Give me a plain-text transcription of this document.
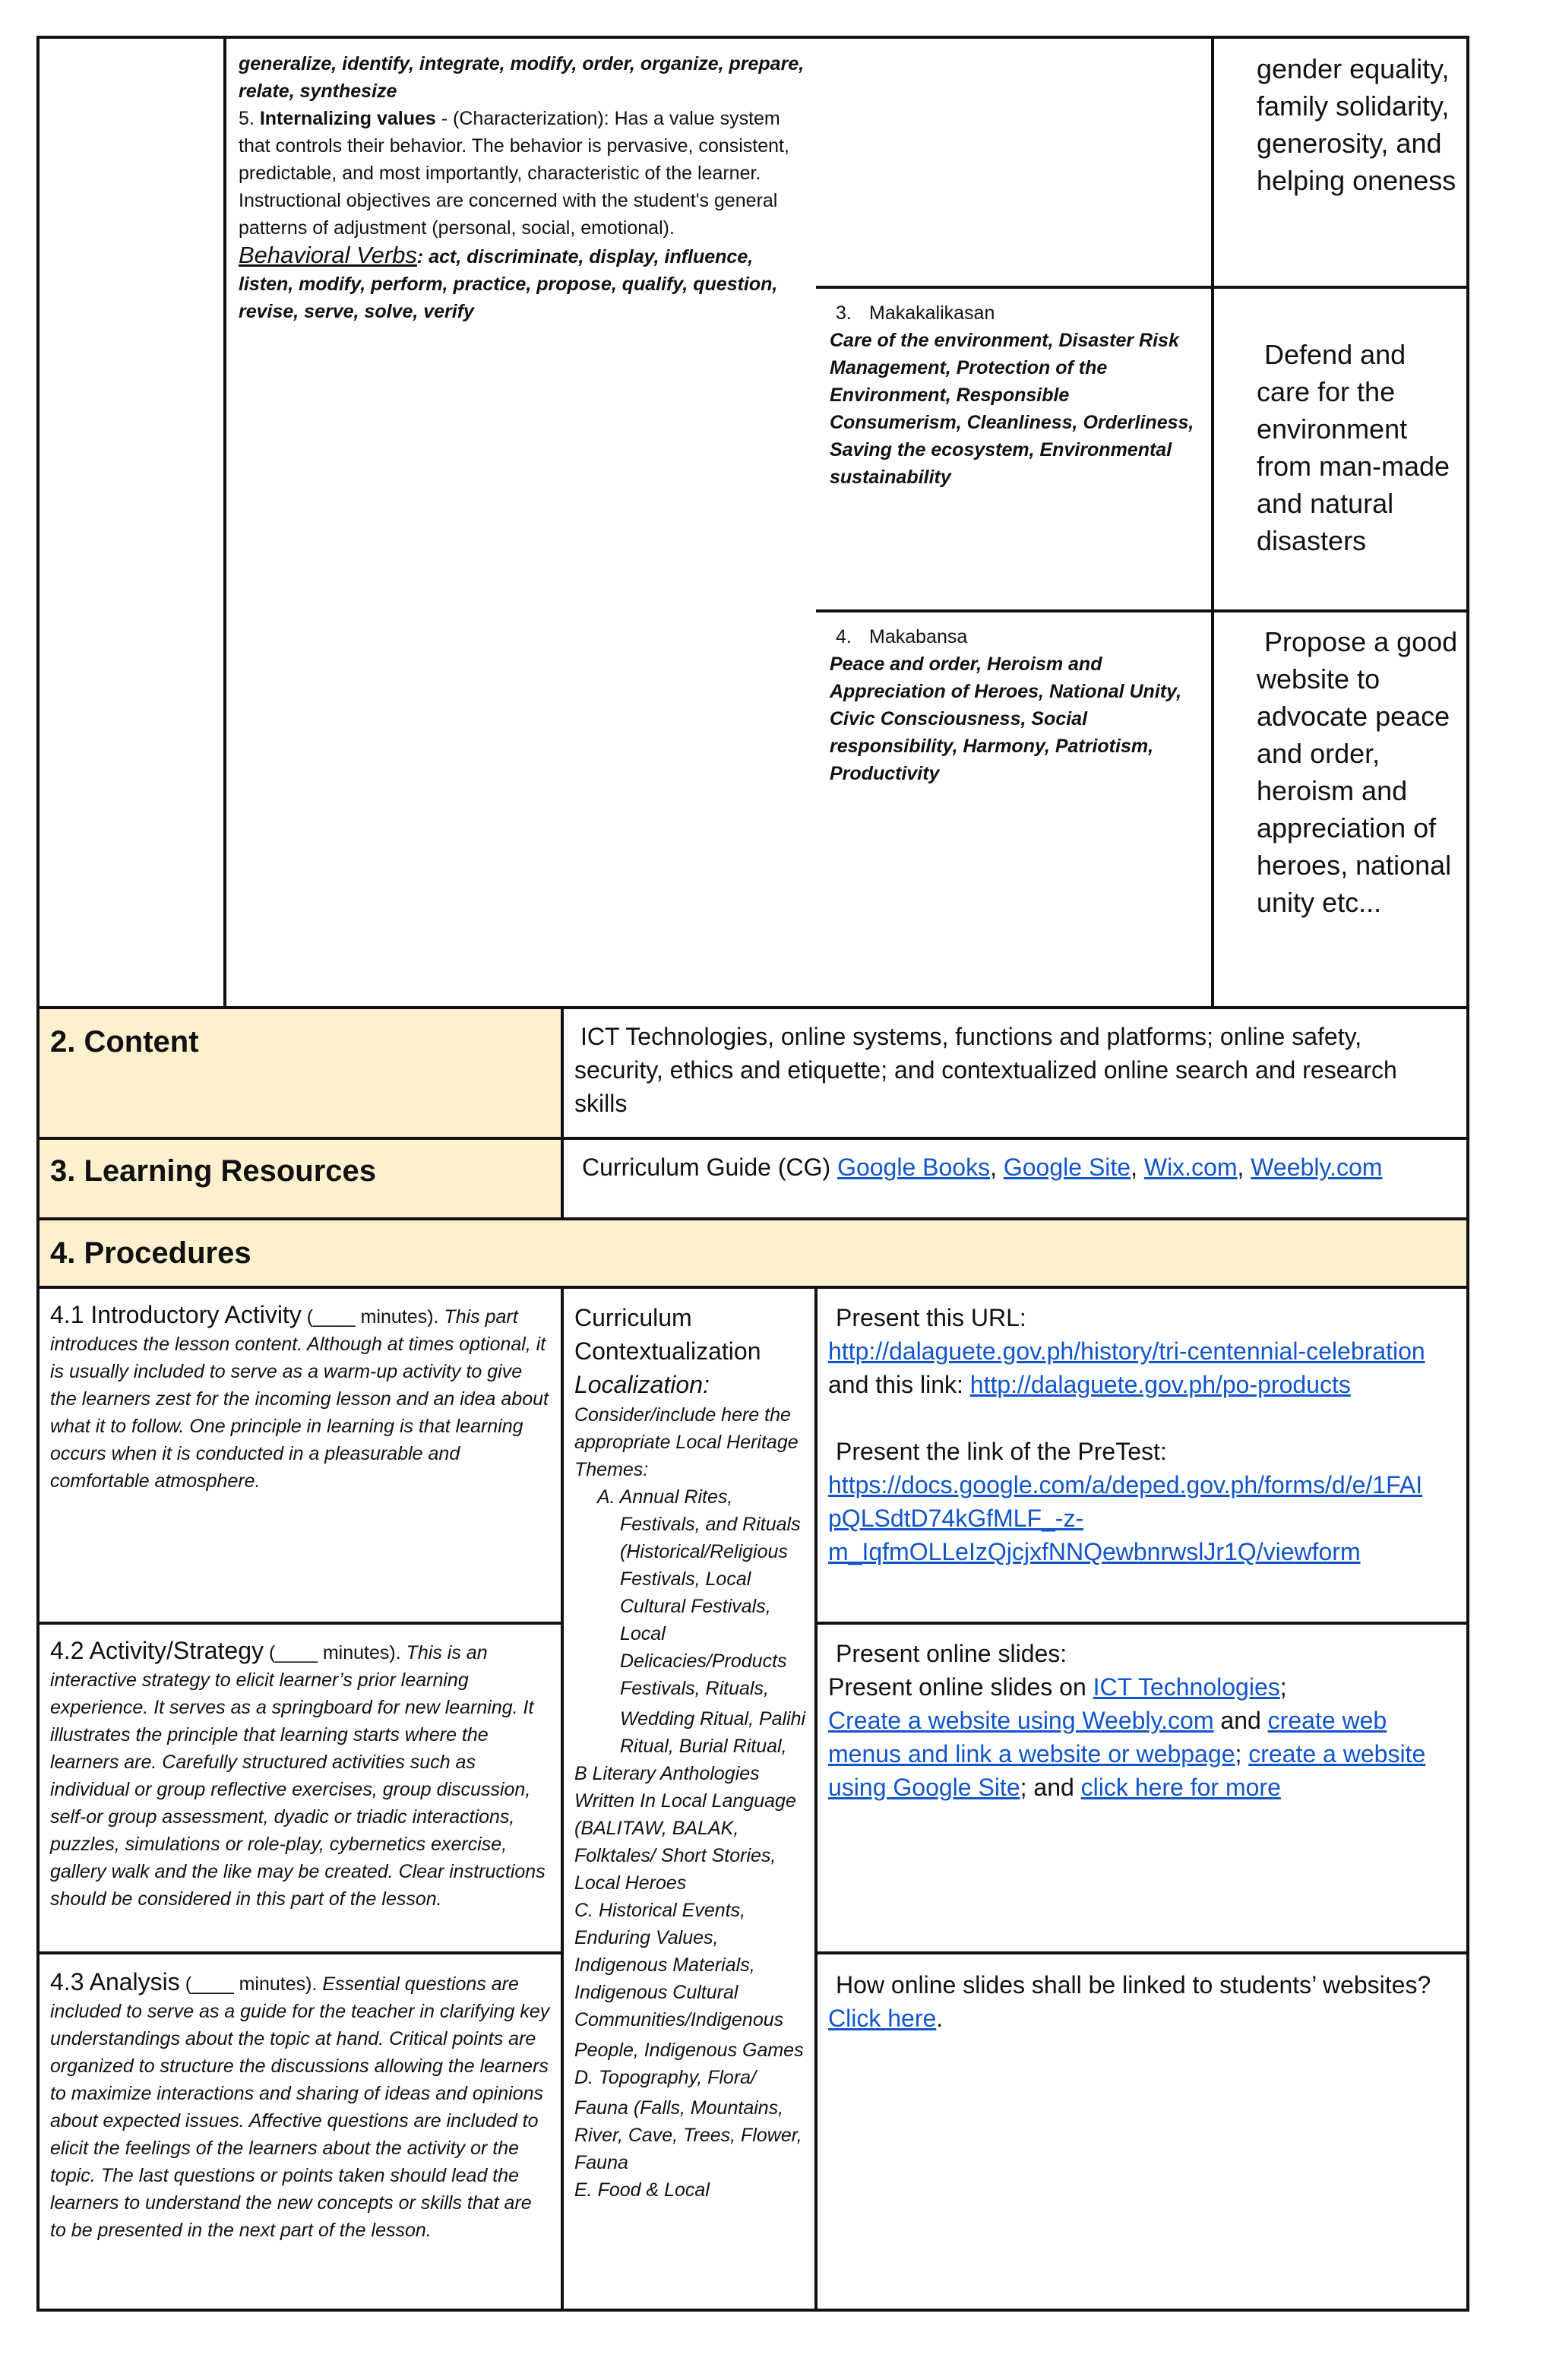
generalize, identify, integrate, modify, order, organize, prepare, relate, synthesize
5. Internalizing values - (Characterization): Has a value system that controls their behavior. The behavior is pervasive, consistent, predictable, and most importantly, characteristic of the learner. Instructional objectives are concerned with the student's general patterns of adjustment (personal, social, emotional).
Behavioral Verbs: act, discriminate, display, influence, listen, modify, perform, practice, propose, qualify, question, revise, serve, solve, verify
gender equality, family solidarity, generosity, and helping oneness
3. Makakalikasan
Care of the environment, Disaster Risk Management, Protection of the Environment, Responsible Consumerism, Cleanliness, Orderliness, Saving the ecosystem, Environmental sustainability
Defend and care for the environment from man-made and natural disasters
4. Makabansa
Peace and order, Heroism and Appreciation of Heroes, National Unity, Civic Consciousness, Social responsibility, Harmony, Patriotism, Productivity
Propose a good website to advocate peace and order, heroism and appreciation of heroes, national unity etc...
2. Content	ICT Technologies, online systems, functions and platforms; online safety, security, ethics and etiquette; and contextualized online search and research skills
3. Learning Resources	Curriculum Guide (CG) Google Books, Google Site, Wix.com, Weebly.com
4. Procedures
4.1 Introductory Activity (____ minutes). This part introduces the lesson content. Although at times optional, it is usually included to serve as a warm-up activity to give the learners zest for the incoming lesson and an idea about what it to follow. One principle in learning is that learning occurs when it is conducted in a pleasurable and comfortable atmosphere.
4.2 Activity/Strategy (____ minutes). This is an interactive strategy to elicit learner’s prior learning experience. It serves as a springboard for new learning. It illustrates the principle that learning starts where the learners are. Carefully structured activities such as individual or group reflective exercises, group discussion, self-or group assessment, dyadic or triadic interactions, puzzles, simulations or role-play, cybernetics exercise, gallery walk and the like may be created. Clear instructions should be considered in this part of the lesson.
4.3 Analysis (____ minutes). Essential questions are included to serve as a guide for the teacher in clarifying key understandings about the topic at hand. Critical points are organized to structure the discussions allowing the learners to maximize interactions and sharing of ideas and opinions about expected issues. Affective questions are included to elicit the feelings of the learners about the activity or the topic. The last questions or points taken should lead the learners to understand the new concepts or skills that are to be presented in the next part of the lesson.
Curriculum Contextualization
Localization:
Consider/include here the appropriate Local Heritage Themes:
A. Annual Rites, Festivals, and Rituals (Historical/Religious Festivals, Local Cultural Festivals, Local Delicacies/Products Festivals, Rituals,
Wedding Ritual, Palihi Ritual, Burial Ritual,
B Literary Anthologies Written In Local Language (BALITAW, BALAK, Folktales/ Short Stories, Local Heroes
C. Historical Events, Enduring Values, Indigenous Materials, Indigenous Cultural Communities/Indigenous
People, Indigenous Games
D. Topography, Flora/
Fauna (Falls, Mountains, River, Cave, Trees, Flower, Fauna
E. Food & Local
Present this URL:
http://dalaguete.gov.ph/history/tri-centennial-celebration
and this link: http://dalaguete.gov.ph/po-products
Present the link of the PreTest:
https://docs.google.com/a/deped.gov.ph/forms/d/e/1FAI
pQLSdtD74kGfMLF_-z-
m_IqfmOLLeIzQjcjxfNNQewbnrwslJr1Q/viewform
Present online slides:
Present online slides on ICT Technologies;
Create a website using Weebly.com and create web menus and link a website or webpage; create a website using Google Site; and click here for more
How online slides shall be linked to students’ websites? Click here.
